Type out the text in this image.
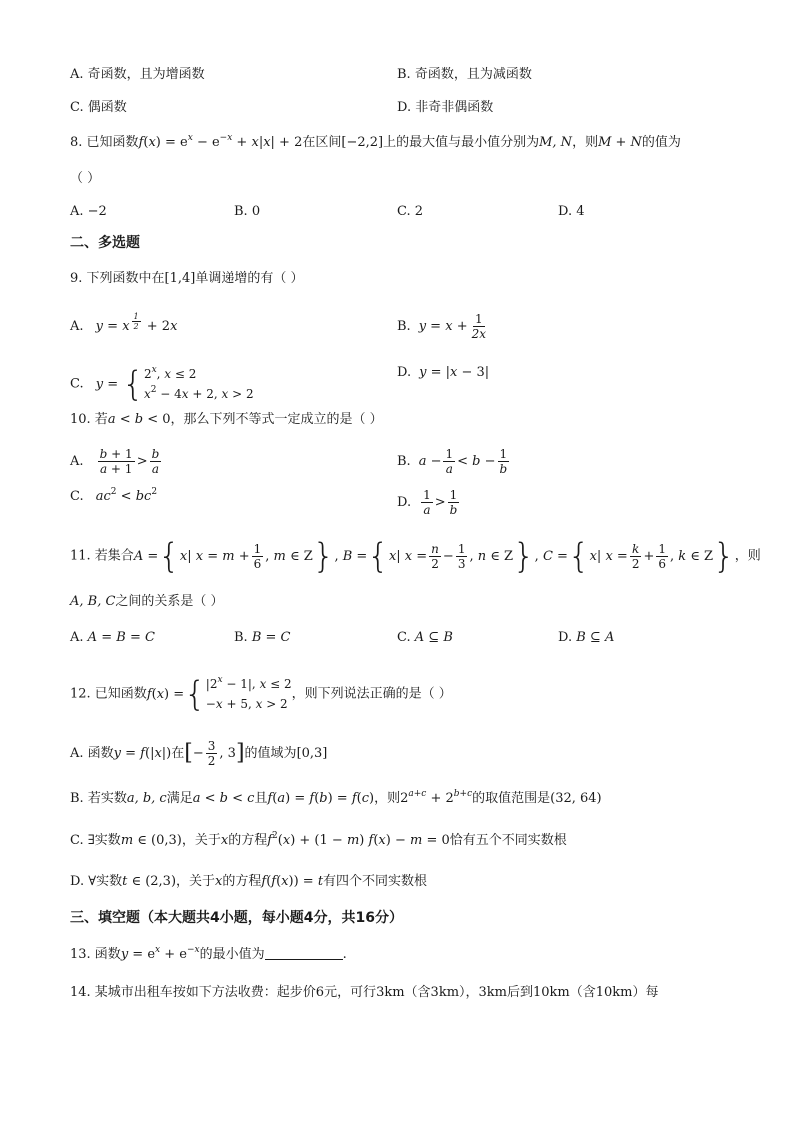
A. 奇函数，且为增函数	B. 奇函数，且为减函数
C. 偶函数	D. 非奇非偶函数
8. 已知函数$f(x) = e^x - e^{-x} + x|x| + 2$在区间[−2,2]上的最大值与最小值分别为M, N，则M + N的值为
（ ）
A. −2	B. 0	C. 2	D. 4
二、多选题
9. 下列函数中在[1,4]单调递增的有（ ）
A. y = x $^{\frac{1}{2}}$ + 2x	B. $y = x + \frac{1}{2x}$
C. y = { 2$^x$, x ≤ 2
$x^2 - 4x + 2$, x > 2
D. y = |x − 3|
10. 若a < b < 0，那么下列不等式一定成立的是（ ）
A. $\frac{b + 1}{a + 1} > \frac{b}{a}$	B. $a - \frac{1}{a} < b - \frac{1}{b}$
C. $ac^2 < bc^2$
D. $\frac{1}{a} > \frac{1}{b}$
11. 若集合A ={x| $x = m + \frac{1}{6}$ , m ∈ Z}, B ={x| $x = \frac{n}{2} - \frac{1}{3}$ , n ∈ Z}, C ={x| $x = \frac{k}{2} + \frac{1}{6}$ , k ∈ Z}，则
A, B, C之间的关系是（ ）
A. A = B = C	B. B = C	C. A ⊆ B	D. B ⊆ A
12. 已知函数f(x) ={ $|2^x - 1|$, x ≤ 2
−x + 5, x > 2
，则下列说法正确的是（ ）
A. 函数y = f(|x|)在[− $\frac{3}{2}$ , 3]的值域为[0,3]
B. 若实数a, b, c满足a < b < c且f(a) = f(b) = f(c)，则$2^{a+c} + 2^{b+c}$的取值范围是(32, 64)
C. ∃实数m ∈ (0,3)，关于x的方程$f^2(x) + (1 - m) f(x) - m = 0$恰有五个不同实数根
D. ∀实数t ∈ (2,3)，关于x的方程f(f(x)) = t有四个不同实数根
三、填空题（本大题共4小题，每小题4分，共16分）
13. 函数$y = e^x + e^{-x}$的最小值为	.
14. 某城市出租车按如下方法收费：起步价6元，可行3km（含3km），3km后到10km（含10km）每
